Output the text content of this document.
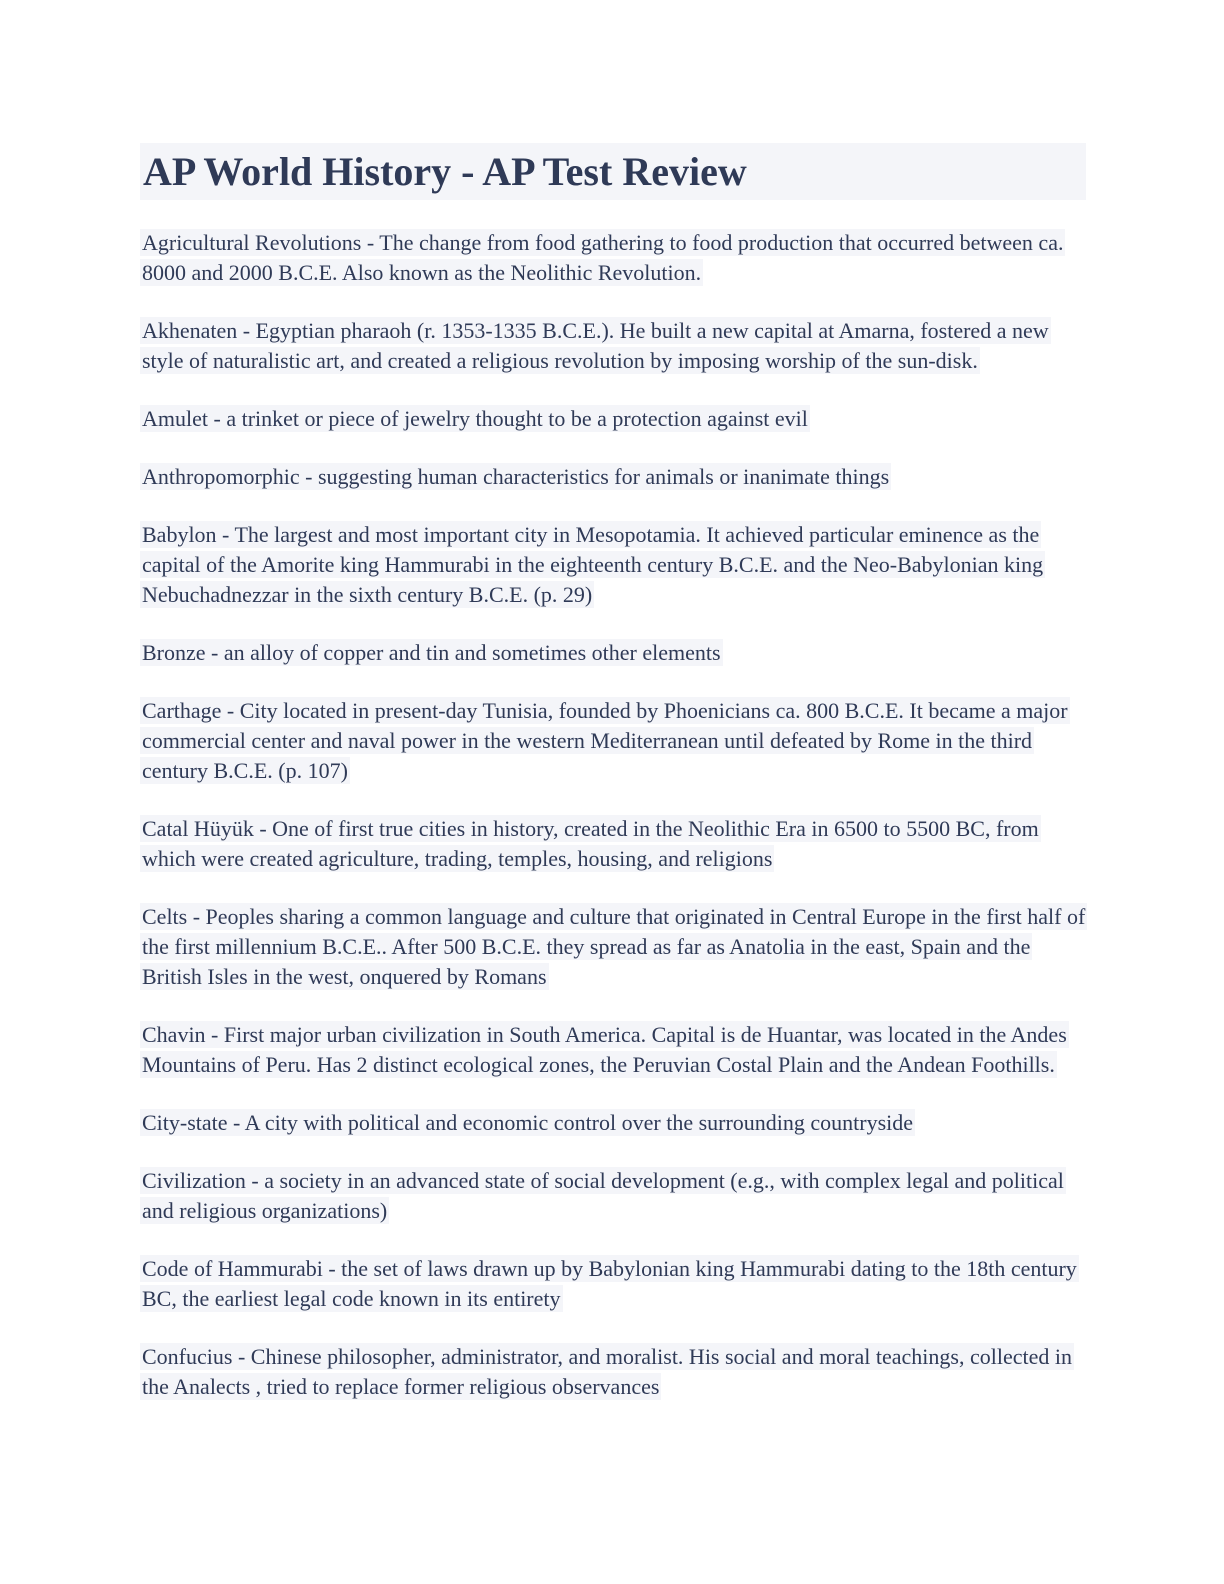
AP World History - AP Test Review

Agricultural Revolutions - The change from food gathering to food production that occurred between ca. 8000 and 2000 B.C.E. Also known as the Neolithic Revolution.

Akhenaten - Egyptian pharaoh (r. 1353-1335 B.C.E.). He built a new capital at Amarna, fostered a new style of naturalistic art, and created a religious revolution by imposing worship of the sun-disk.

Amulet - a trinket or piece of jewelry thought to be a protection against evil

Anthropomorphic - suggesting human characteristics for animals or inanimate things

Babylon - The largest and most important city in Mesopotamia. It achieved particular eminence as the capital of the Amorite king Hammurabi in the eighteenth century B.C.E. and the Neo-Babylonian king Nebuchadnezzar in the sixth century B.C.E. (p. 29)

Bronze - an alloy of copper and tin and sometimes other elements

Carthage - City located in present-day Tunisia, founded by Phoenicians ca. 800 B.C.E. It became a major commercial center and naval power in the western Mediterranean until defeated by Rome in the third century B.C.E. (p. 107)

Catal Hüyük - One of first true cities in history, created in the Neolithic Era in 6500 to 5500 BC, from which were created agriculture, trading, temples, housing, and religions

Celts - Peoples sharing a common language and culture that originated in Central Europe in the first half of the first millennium B.C.E.. After 500 B.C.E. they spread as far as Anatolia in the east, Spain and the British Isles in the west, onquered by Romans

Chavin - First major urban civilization in South America. Capital is de Huantar, was located in the Andes Mountains of Peru. Has 2 distinct ecological zones, the Peruvian Costal Plain and the Andean Foothills.

City-state - A city with political and economic control over the surrounding countryside

Civilization - a society in an advanced state of social development (e.g., with complex legal and political and religious organizations)

Code of Hammurabi - the set of laws drawn up by Babylonian king Hammurabi dating to the 18th century BC, the earliest legal code known in its entirety

Confucius - Chinese philosopher, administrator, and moralist. His social and moral teachings, collected in the Analects , tried to replace former religious observances
